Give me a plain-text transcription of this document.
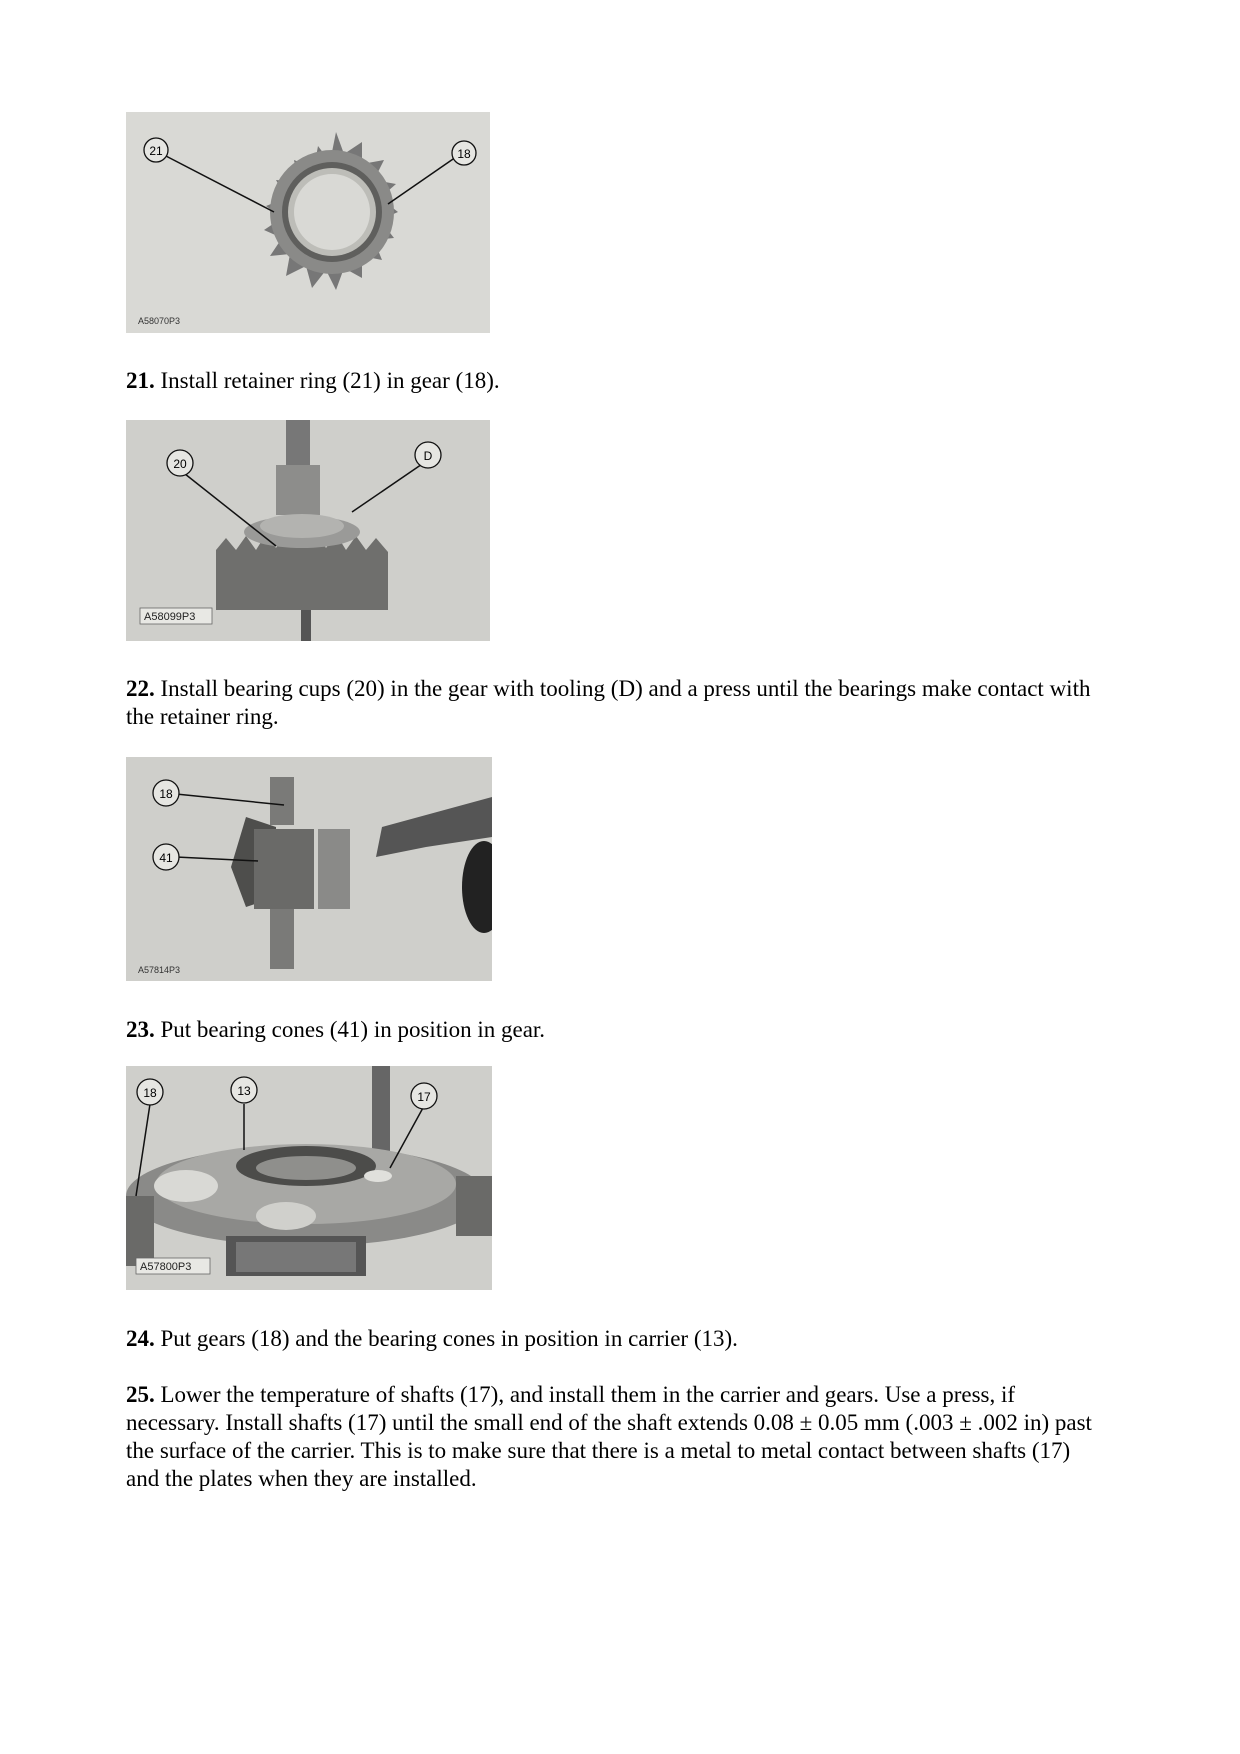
21	18
A58070P3
21. Install retainer ring (21) in gear (18).
20
D
A58099P3
22. Install bearing cups (20) in the gear with tooling (D) and a press until the bearings make contact with the retainer ring.
18
41
A57814P3
23. Put bearing cones (41) in position in gear.
18	13	17
A57800P3
24. Put gears (18) and the bearing cones in position in carrier (13).
25. Lower the temperature of shafts (17), and install them in the carrier and gears. Use a press, if necessary. Install shafts (17) until the small end of the shaft extends 0.08 ± 0.05 mm (.003 ± .002 in) past the surface of the carrier. This is to make sure that there is a metal to metal contact between shafts (17) and the plates when they are installed.
